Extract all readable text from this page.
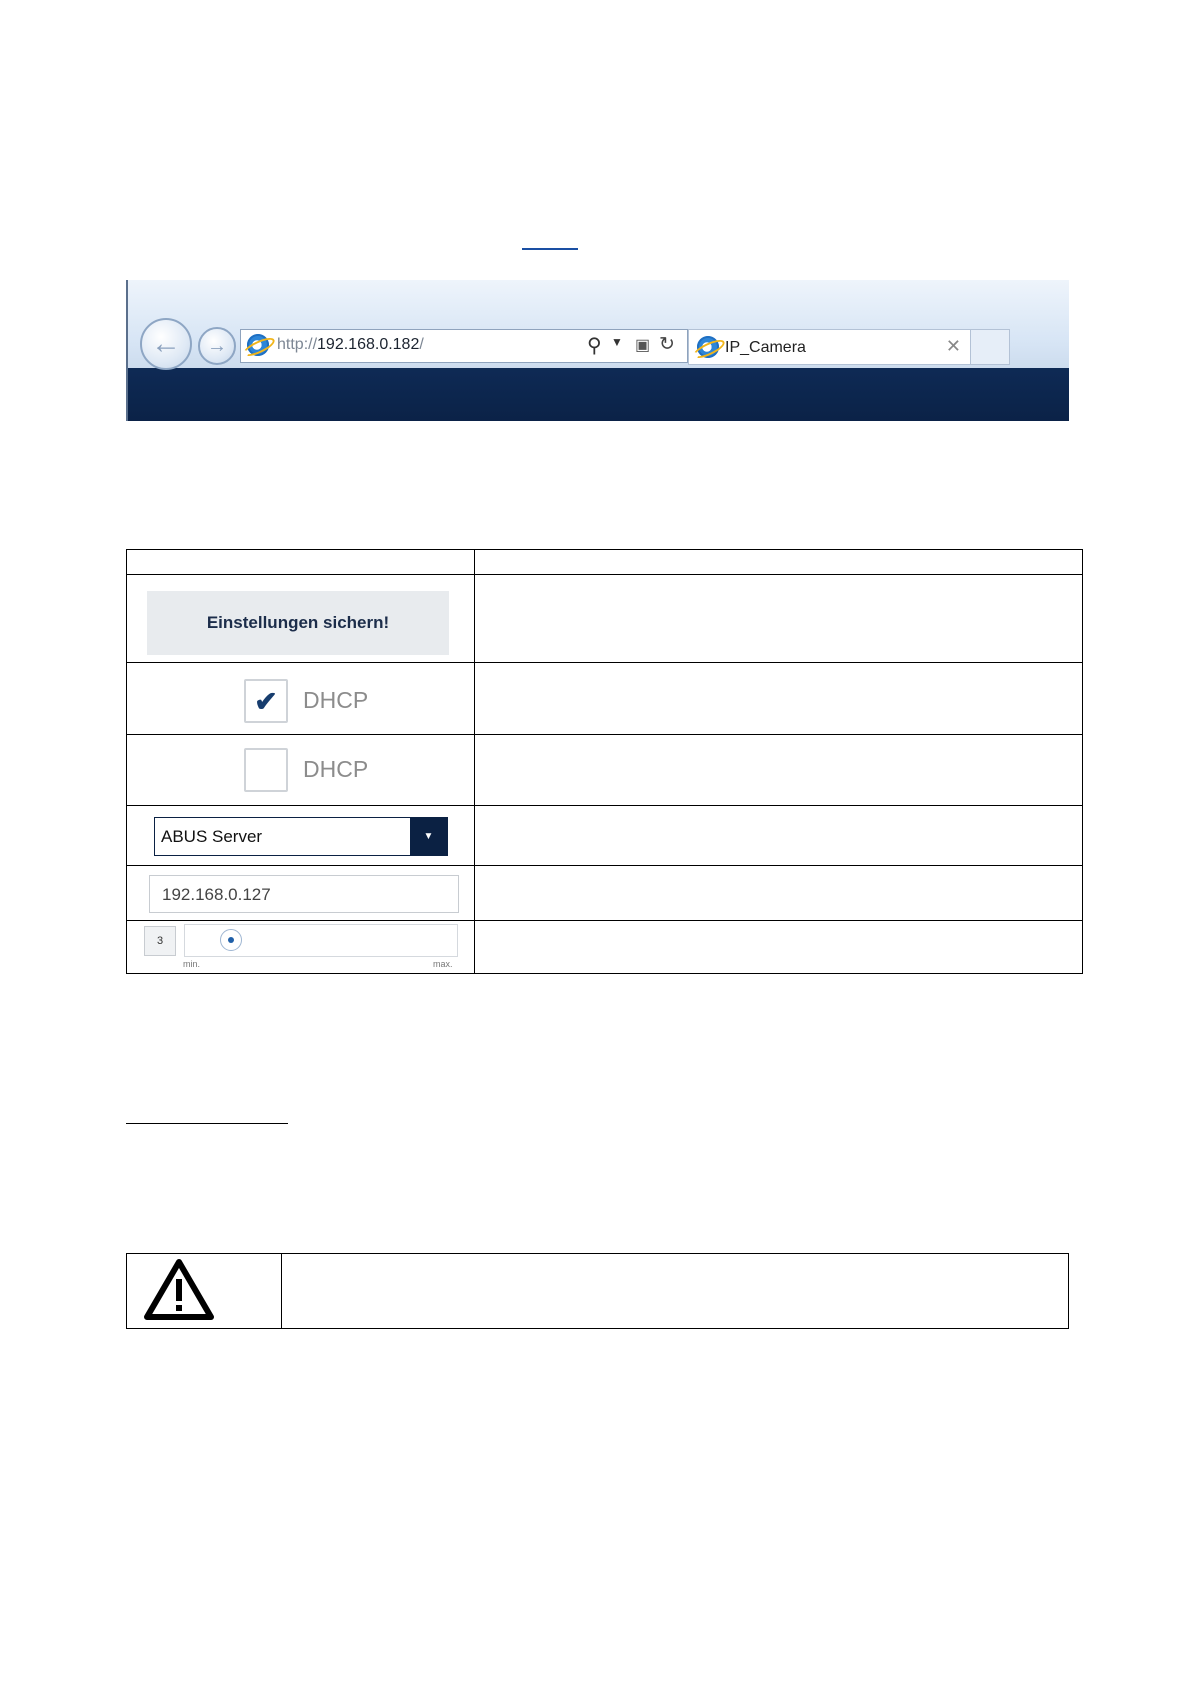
←	→	http://192.168.0.182/	⚲ ▼ ▣ ↻	IP_Camera	✕
Einstellungen sichern!
✔ DHCP
DHCP
ABUS Server	▼
192.168.0.127
3
min.	max.
